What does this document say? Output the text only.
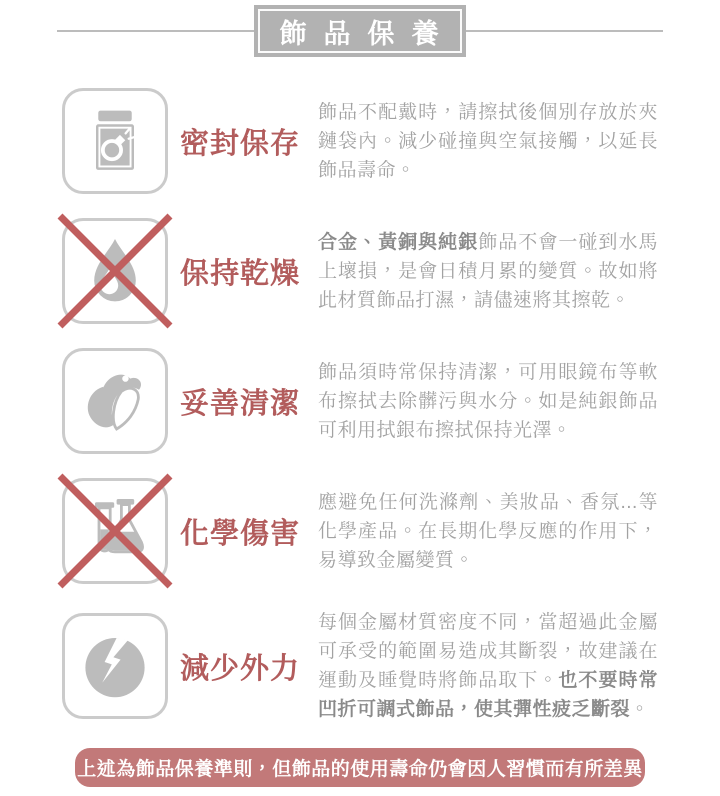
飾品保養
密封保存
飾品不配戴時，請擦拭後個別存放於夾鏈袋內。減少碰撞與空氣接觸，以延長飾品壽命。
保持乾燥
合金、黃銅與純銀飾品不會一碰到水馬上壞損，是會日積月累的變質。故如將此材質飾品打濕，請儘速將其擦乾。
妥善清潔
飾品須時常保持清潔，可用眼鏡布等軟布擦拭去除髒污與水分。如是純銀飾品可利用拭銀布擦拭保持光澤。
化學傷害
應避免任何洗滌劑、美妝品、香氛...等化學產品。在長期化學反應的作用下，易導致金屬變質。
減少外力
每個金屬材質密度不同，當超過此金屬可承受的範圍易造成其斷裂，故建議在運動及睡覺時將飾品取下。也不要時常凹折可調式飾品，使其彈性疲乏斷裂。
上述為飾品保養準則，但飾品的使用壽命仍會因人習慣而有所差異
